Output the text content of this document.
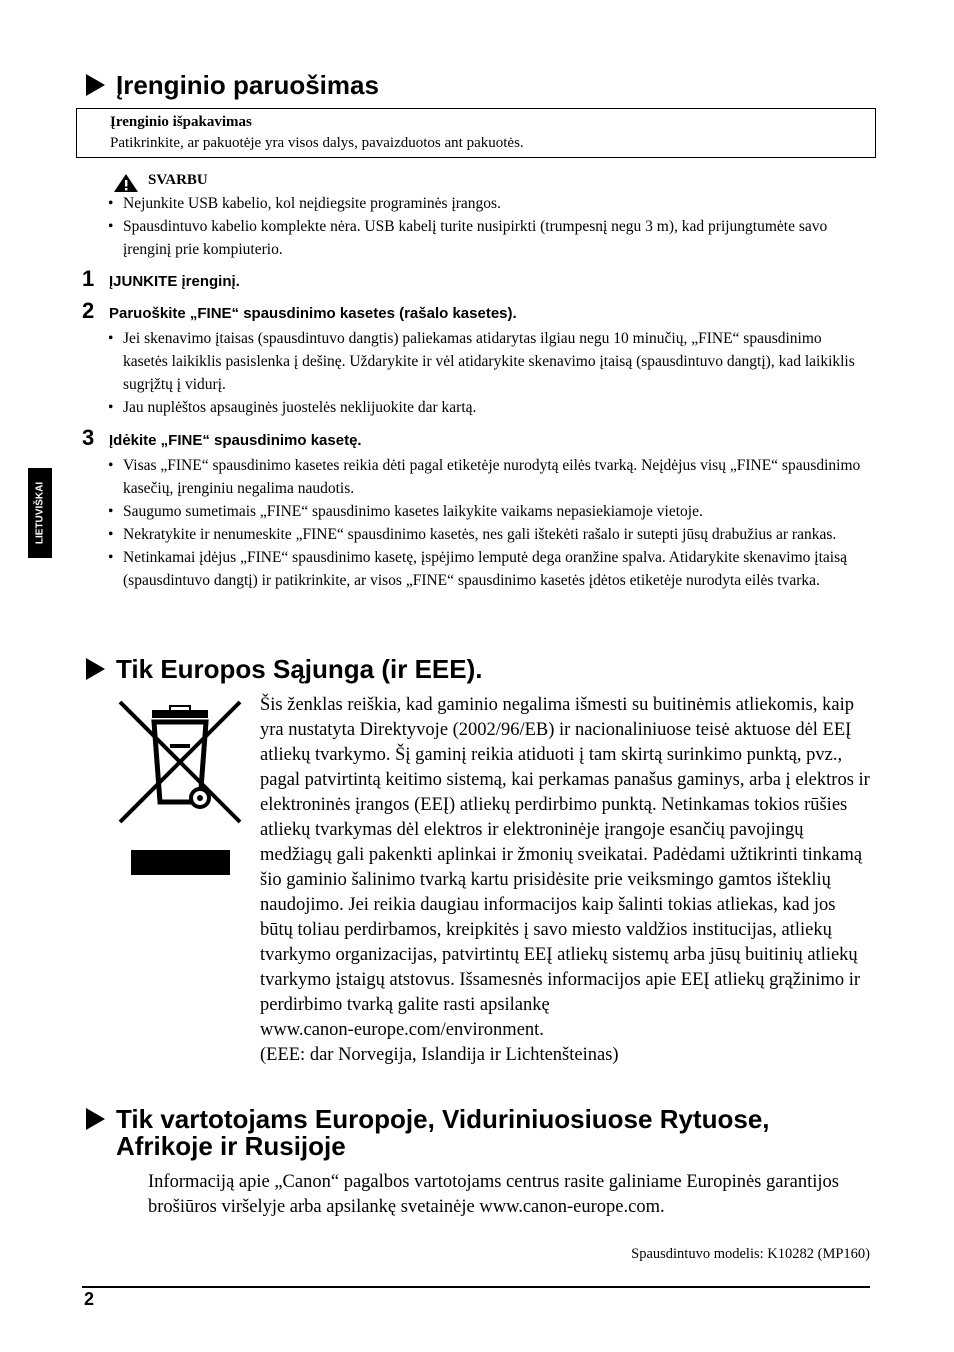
Įrenginio paruošimas
Įrenginio išpakavimas
Patikrinkite, ar pakuotėje yra visos dalys, pavaizduotos ant pakuotės.
SVARBU
• Nejunkite USB kabelio, kol neįdiegsite programinės įrangos.
• Spausdintuvo kabelio komplekte nėra. USB kabelį turite nusipirkti (trumpesnį negu 3 m), kad prijungtumėte savo įrenginį prie kompiuterio.
1 ĮJUNKITE įrenginį.
2 Paruoškite „FINE“ spausdinimo kasetes (rašalo kasetes).
• Jei skenavimo įtaisas (spausdintuvo dangtis) paliekamas atidarytas ilgiau negu 10 minučių, „FINE“ spausdinimo kasetės laikiklis pasislenka į dešinę. Uždarykite ir vėl atidarykite skenavimo įtaisą (spausdintuvo dangtį), kad laikiklis sugrįžtų į vidurį.
• Jau nuplėštos apsauginės juostelės neklijuokite dar kartą.
3 Įdėkite „FINE“ spausdinimo kasetę.
• Visas „FINE“ spausdinimo kasetes reikia dėti pagal etiketėje nurodytą eilės tvarką. Neįdėjus visų „FINE“ spausdinimo kasečių, įrenginiu negalima naudotis.
• Saugumo sumetimais „FINE“ spausdinimo kasetes laikykite vaikams nepasiekiamoje vietoje.
• Nekratykite ir nenumeskite „FINE“ spausdinimo kasetės, nes gali ištekėti rašalo ir sutepti jūsų drabužius ar rankas.
• Netinkamai įdėjus „FINE“ spausdinimo kasetę, įspėjimo lemputė dega oranžine spalva. Atidarykite skenavimo įtaisą (spausdintuvo dangtį) ir patikrinkite, ar visos „FINE“ spausdinimo kasetės įdėtos etiketėje nurodyta eilės tvarka.
LIETUVIŠKAI
Tik Europos Sąjunga (ir EEE).

Šis ženklas reiškia, kad gaminio negalima išmesti su buitinėmis atliekomis, kaip yra nustatyta Direktyvoje (2002/96/EB) ir nacionaliniuose teisė aktuose dėl EEĮ atliekų tvarkymo. Šį gaminį reikia atiduoti į tam skirtą surinkimo punktą, pvz., pagal patvirtintą keitimo sistemą, kai perkamas panašus gaminys, arba į elektros ir elektroninės įrangos (EEĮ) atliekų perdirbimo punktą. Netinkamas tokios rūšies atliekų tvarkymas dėl elektros ir elektroninėje įrangoje esančių pavojingų medžiagų gali pakenkti aplinkai ir žmonių sveikatai. Padėdami užtikrinti tinkamą šio gaminio šalinimo tvarką kartu prisidėsite prie veiksmingo gamtos išteklių naudojimo. Jei reikia daugiau informacijos kaip šalinti tokias atliekas, kad jos būtų toliau perdirbamos, kreipkitės į savo miesto valdžios institucijas, atliekų tvarkymo organizacijas, patvirtintų EEĮ atliekų sistemų arba jūsų buitinių atliekų tvarkymo įstaigų atstovus. Išsamesnės informacijos apie EEĮ atliekų grąžinimo ir perdirbimo tvarką galite rasti apsilankę

www.canon-europe.com/environment.

(EEE: dar Norvegija, Islandija ir Lichtenšteinas)

Tik vartotojams Europoje, Viduriniuosiuose Rytuose,
Afrikoje ir Rusijoje

Informaciją apie „Canon“ pagalbos vartotojams centrus rasite galiniame Europinės garantijos brošiūros viršelyje arba apsilankę svetainėje www.canon-europe.com.

Spausdintuvo modelis: K10282 (MP160)
2
